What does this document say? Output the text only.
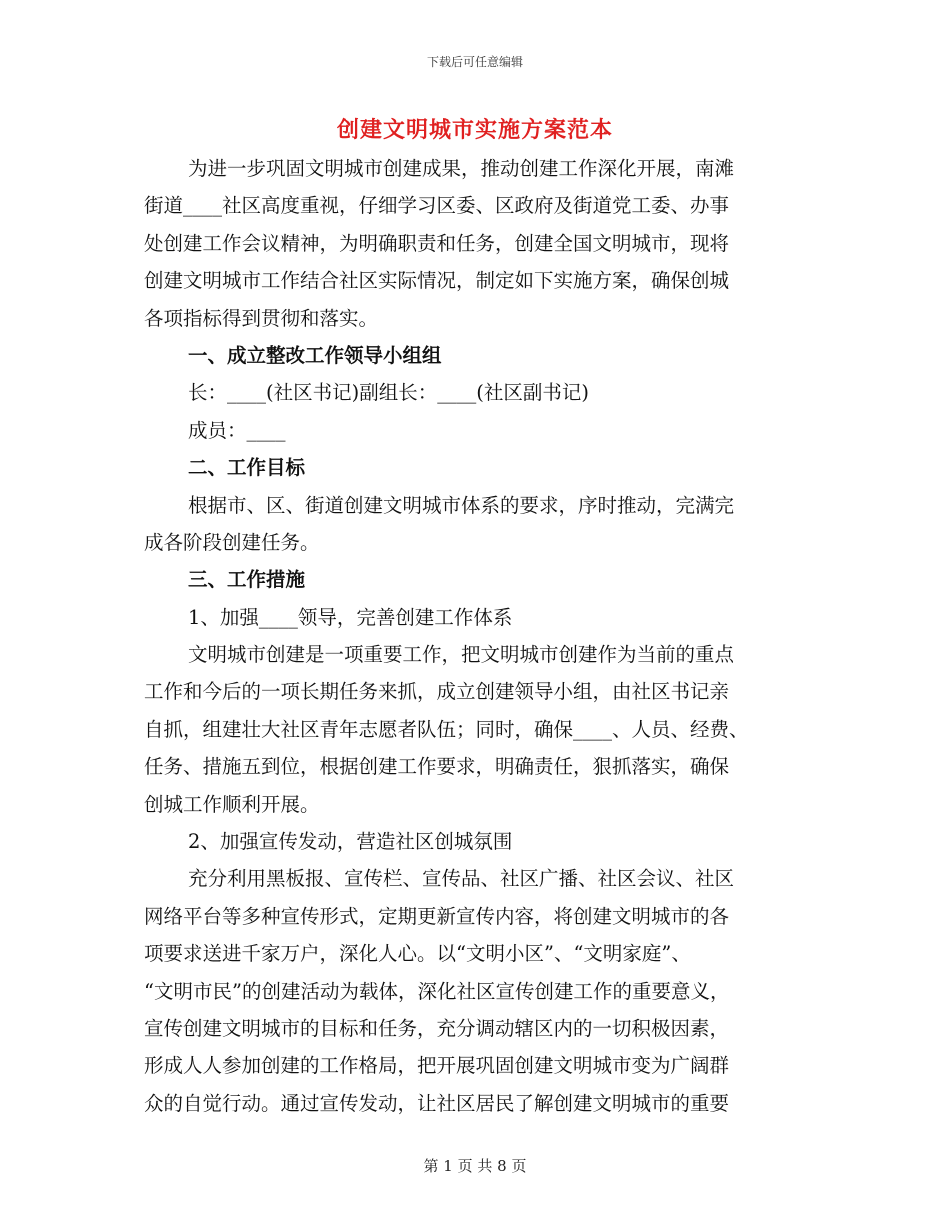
下载后可任意编辑
创建文明城市实施方案范本
为进一步巩固文明城市创建成果，推动创建工作深化开展，南滩
街道____社区高度重视，仔细学习区委、区政府及街道党工委、办事
处创建工作会议精神，为明确职责和任务，创建全国文明城市，现将
创建文明城市工作结合社区实际情况，制定如下实施方案，确保创城
各项指标得到贯彻和落实。
一、成立整改工作领导小组组
长：____(社区书记)副组长：____(社区副书记)
成员：____
二、工作目标
根据市、区、街道创建文明城市体系的要求，序时推动，完满完
成各阶段创建任务。
三、工作措施
1、加强____领导，完善创建工作体系
文明城市创建是一项重要工作，把文明城市创建作为当前的重点
工作和今后的一项长期任务来抓，成立创建领导小组，由社区书记亲
自抓，组建壮大社区青年志愿者队伍；同时，确保____、人员、经费、
任务、措施五到位，根据创建工作要求，明确责任，狠抓落实，确保
创城工作顺利开展。
2、加强宣传发动，营造社区创城氛围
充分利用黑板报、宣传栏、宣传品、社区广播、社区会议、社区
网络平台等多种宣传形式，定期更新宣传内容，将创建文明城市的各
项要求送进千家万户，深化人心。以“文明小区”、“文明家庭”、
“文明市民”的创建活动为载体，深化社区宣传创建工作的重要意义，
宣传创建文明城市的目标和任务，充分调动辖区内的一切积极因素，
形成人人参加创建的工作格局，把开展巩固创建文明城市变为广阔群
众的自觉行动。通过宣传发动，让社区居民了解创建文明城市的重要
第 1 页 共 8 页
